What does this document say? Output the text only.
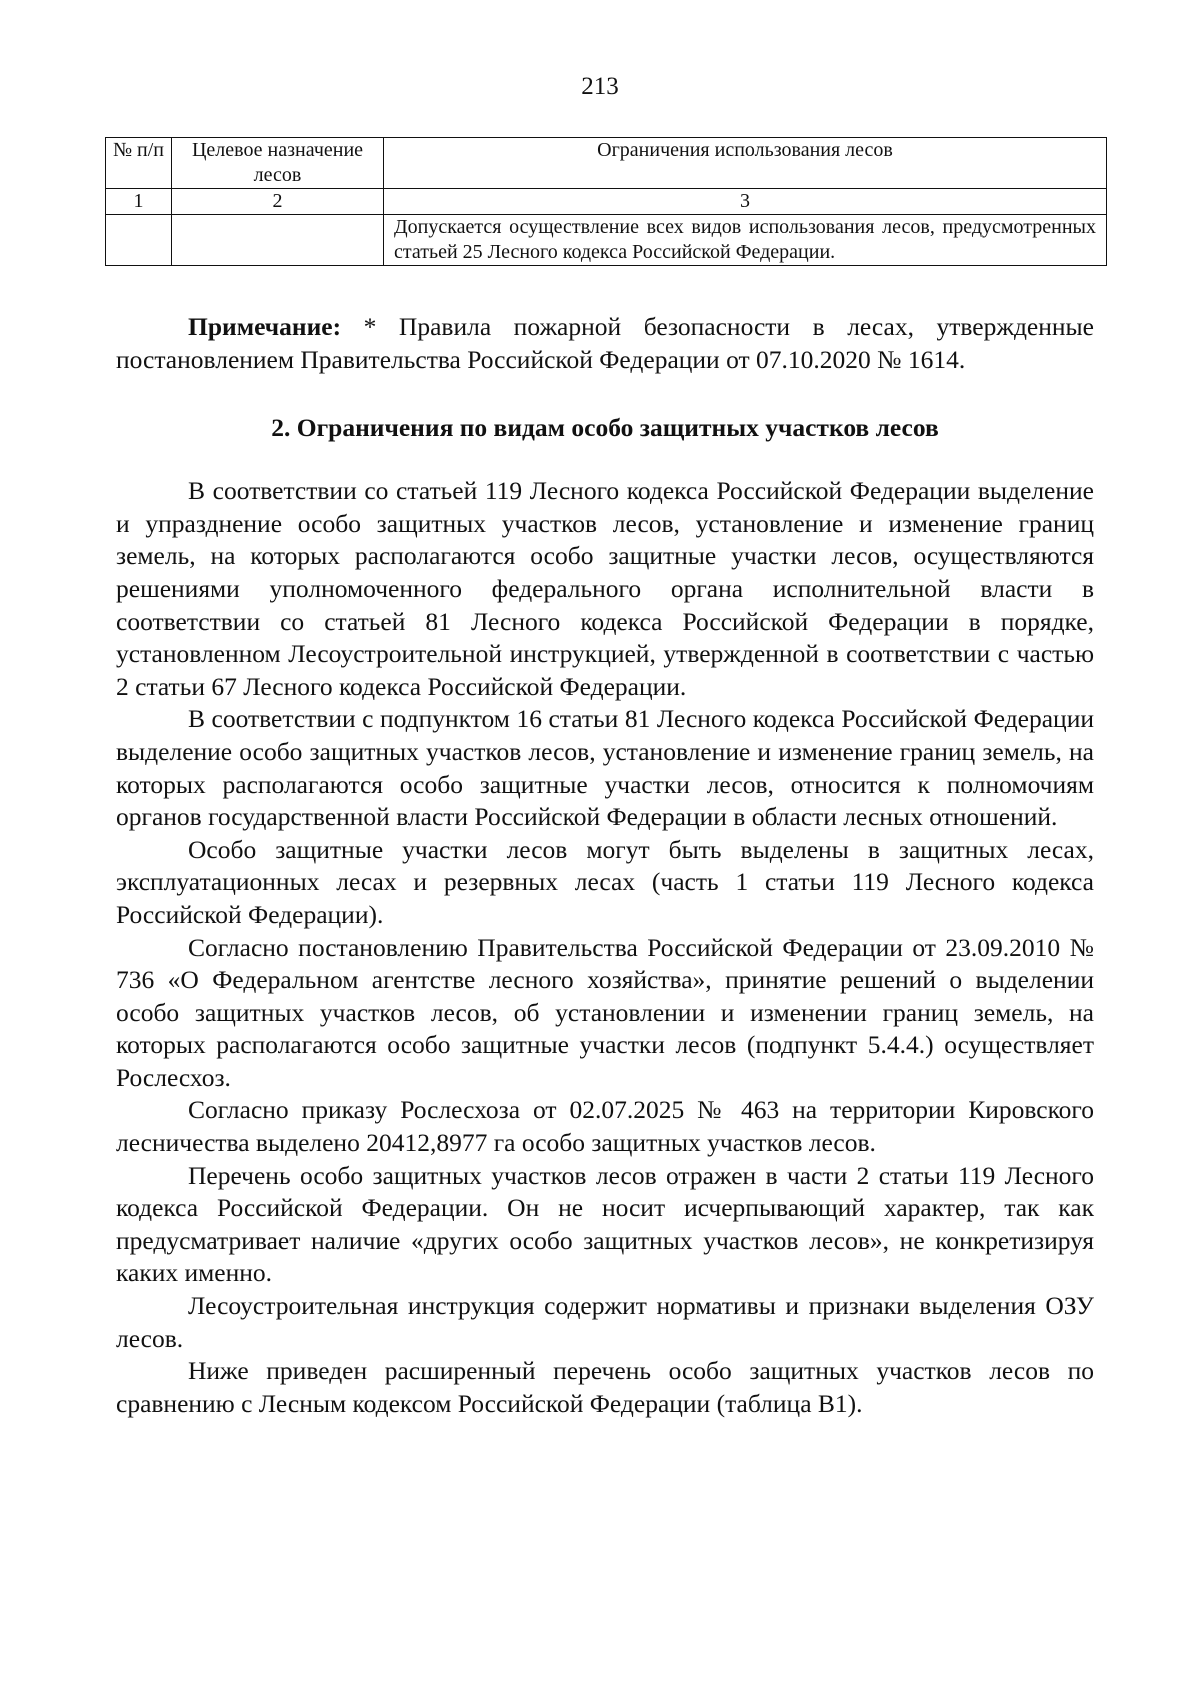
213
№ п/п	Целевое назначение лесов	Ограничения использования лесов
1	2	3
		Допускается осуществление всех видов использования лесов, предусмотренных статьей 25 Лесного кодекса Российской Федерации.

Примечание: * Правила пожарной безопасности в лесах, утвержденные постановлением Правительства Российской Федерации от 07.10.2020 № 1614.

2. Ограничения по видам особо защитных участков лесов

В соответствии со статьей 119 Лесного кодекса Российской Федерации выделение и упразднение особо защитных участков лесов, установление и изменение границ земель, на которых располагаются особо защитные участки лесов, осуществляются решениями уполномоченного федерального органа исполнительной власти в соответствии со статьей 81 Лесного кодекса Российской Федерации в порядке, установленном Лесоустроительной инструкцией, утвержденной в соответствии с частью 2 статьи 67 Лесного кодекса Российской Федерации.

В соответствии с подпунктом 16 статьи 81 Лесного кодекса Российской Федерации выделение особо защитных участков лесов, установление и изменение границ земель, на которых располагаются особо защитные участки лесов, относится к полномочиям органов государственной власти Российской Федерации в области лесных отношений.

Особо защитные участки лесов могут быть выделены в защитных лесах, эксплуатационных лесах и резервных лесах (часть 1 статьи 119 Лесного кодекса Российской Федерации).

Согласно постановлению Правительства Российской Федерации от 23.09.2010 № 736 «О Федеральном агентстве лесного хозяйства», принятие решений о выделении особо защитных участков лесов, об установлении и изменении границ земель, на которых располагаются особо защитные участки лесов (подпункт 5.4.4.) осуществляет Рослесхоз.

Согласно приказу Рослесхоза от 02.07.2025 № 463 на территории Кировского лесничества выделено 20412,8977 га особо защитных участков лесов.

Перечень особо защитных участков лесов отражен в части 2 статьи 119 Лесного кодекса Российской Федерации. Он не носит исчерпывающий характер, так как предусматривает наличие «других особо защитных участков лесов», не конкретизируя каких именно.

Лесоустроительная инструкция содержит нормативы и признаки выделения ОЗУ лесов.

Ниже приведен расширенный перечень особо защитных участков лесов по сравнению с Лесным кодексом Российской Федерации (таблица В1).
